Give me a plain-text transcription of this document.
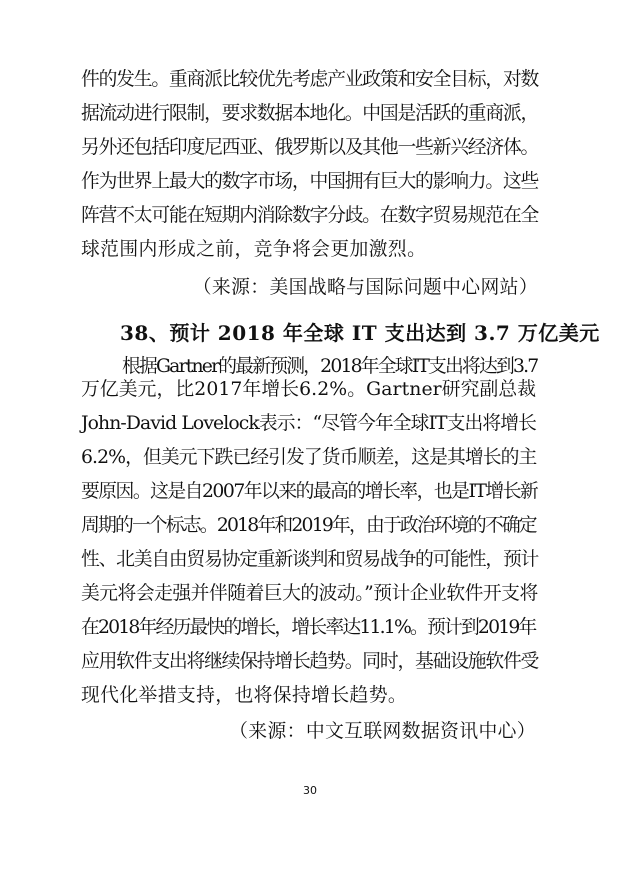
件的发生。重商派比较优先考虑产业政策和安全目标，对数
据流动进行限制，要求数据本地化。中国是活跃的重商派，
另外还包括印度尼西亚、俄罗斯以及其他一些新兴经济体。
作为世界上最大的数字市场，中国拥有巨大的影响力。这些
阵营不太可能在短期内消除数字分歧。在数字贸易规范在全
球范围内形成之前，竞争将会更加激烈。
（来源：美国战略与国际问题中心网站）
38、预计 2018 年全球 IT 支出达到 3.7 万亿美元
根据Gartner的最新预测，2018年全球IT支出将达到3.7
万亿美元，比2017年增长6.2%。Gartner研究副总裁
John-David Lovelock表示：“尽管今年全球IT支出将增长
6.2%，但美元下跌已经引发了货币顺差，这是其增长的主
要原因。这是自2007年以来的最高的增长率，也是IT增长新
周期的一个标志。2018年和2019年，由于政治环境的不确定
性、北美自由贸易协定重新谈判和贸易战争的可能性，预计
美元将会走强并伴随着巨大的波动。”预计企业软件开支将
在2018年经历最快的增长，增长率达11.1%。预计到2019年
应用软件支出将继续保持增长趋势。同时，基础设施软件受
现代化举措支持，也将保持增长趋势。
（来源：中文互联网数据资讯中心）
30
